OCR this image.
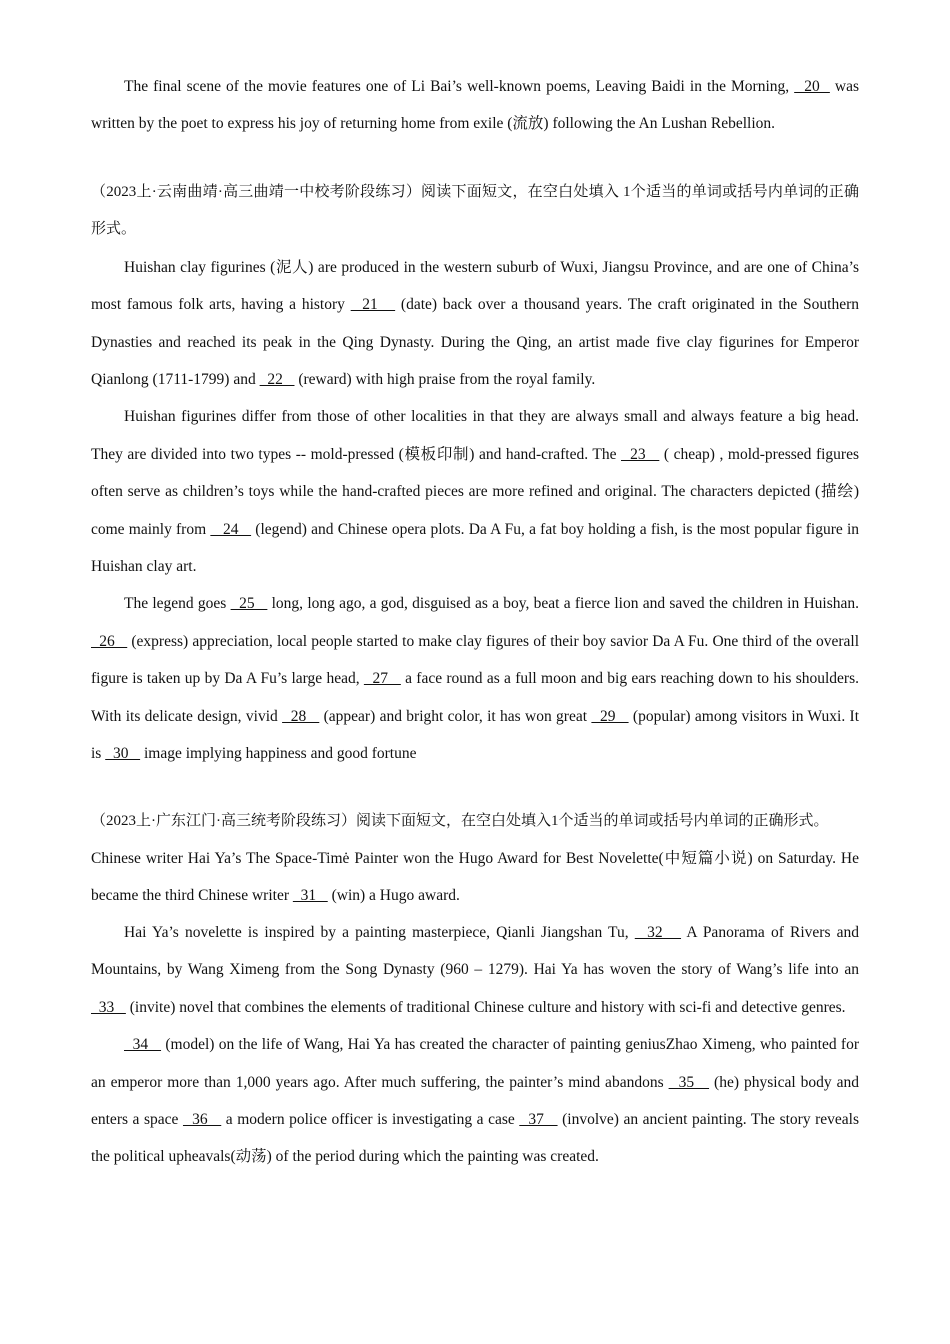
The final scene of the movie features one of Li Bai’s well-known poems, Leaving Baidi in the Morning,   20   was written by the poet to express his joy of returning home from exile (流放) following the An Lushan Rebellion.

（2023上·云南曲靖·高三曲靖一中校考阶段练习）阅读下面短文，在空白处填入 1个适当的单词或括号内单词的正确形式。

Huishan clay figurines (泥人) are produced in the western suburb of Wuxi, Jiangsu Province, and are one of China’s most famous folk arts, having a history   21    (date) back over a thousand years. The craft originated in the Southern Dynasties and reached its peak in the Qing Dynasty. During the Qing, an artist made five clay figurines for Emperor Qianlong (1711-1799) and   22    (reward) with high praise from the royal family.

Huishan figurines differ from those of other localities in that they are always small and always feature a big head. They are divided into two types -- mold-pressed (模板印制) and hand-crafted. The   23    ( cheap) , mold-pressed figures often serve as children’s toys while the hand-crafted pieces are more refined and original. The characters depicted (描绘) come mainly from    24    (legend) and Chinese opera plots. Da A Fu, a fat boy holding a fish, is the most popular figure in Huishan clay art.

The legend goes   25    long, long ago, a god, disguised as a boy, beat a fierce lion and saved the children in Huishan.   26    (express) appreciation, local people started to make clay figures of their boy savior Da A Fu. One third of the overall figure is taken up by Da A Fu’s large head,   27    a face round as a full moon and big ears reaching down to his shoulders. With its delicate design, vivid   28    (appear) and bright color, it has won great   29    (popular) among visitors in Wuxi. It is   30    image implying happiness and good fortune

（2023上·广东江门·高三统考阶段练习）阅读下面短文，在空白处填入1个适当的单词或括号内单词的正确形式。

Chinese writer Hai Ya’s The Space-Timė Painter won the Hugo Award for Best Novelette(中短篇小说) on Saturday. He became the third Chinese writer   31    (win) a Hugo award.

Hai Ya’s novelette is inspired by a painting masterpiece, Qianli Jiangshan Tu,   32    A Panorama of Rivers and Mountains, by Wang Ximeng from the Song Dynasty (960 – 1279). Hai Ya has woven the story of Wang’s life into an   33    (invite) novel that combines the elements of traditional Chinese culture and history with sci-fi and detective genres.

34    (model) on the life of Wang, Hai Ya has created the character of painting geniusZhao Ximeng, who painted for an emperor more than 1,000 years ago. After much suffering, the painter’s mind abandons   35    (he) physical body and enters a space   36    a modern police officer is investigating a case   37    (involve) an ancient painting. The story reveals the political upheavals(动荡) of the period during which the painting was created.
